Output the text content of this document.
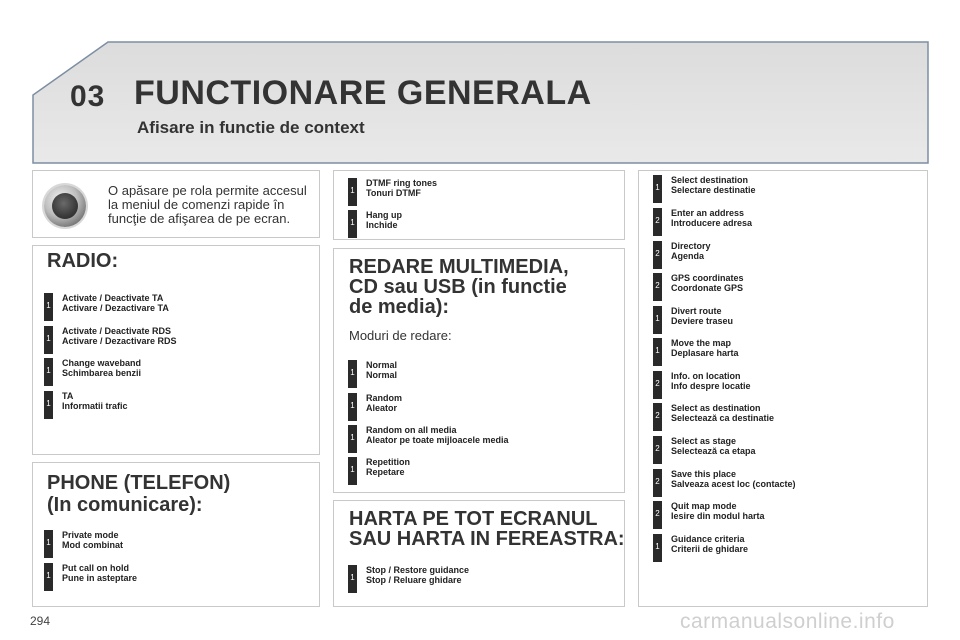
03 FUNCTIONARE GENERALA
Afisare in functie de context
O apăsare pe rola permite accesul
la meniul de comenzi rapide în
funcţie de afişarea de pe ecran.
RADIO:
1
Activate / Deactivate TA
Activare / Dezactivare TA
1
Activate / Deactivate RDS
Activare / Dezactivare RDS
1
Change waveband
Schimbarea benzii
1
TA
Informatii trafic
PHONE (TELEFON)
(In comunicare):
1
Private mode
Mod combinat
1
Put call on hold
Pune in asteptare
1
DTMF ring tones
Tonuri DTMF
1
Hang up
Inchide
REDARE MULTIMEDIA,
CD sau USB (in functie
de media):
Moduri de redare:
1
Normal
Normal
1
Random
Aleator
1
Random on all media
Aleator pe toate mijloacele media
1
Repetition
Repetare
HARTA PE TOT ECRANUL
SAU HARTA IN FEREASTRA:
1
Stop / Restore guidance
Stop / Reluare ghidare
1
Select destination
Selectare destinatie
2
Enter an address
Introducere adresa
2
Directory
Agenda
2
GPS coordinates
Coordonate GPS
1
Divert route
Deviere traseu
1
Move the map
Deplasare harta
2
Info. on location
Info despre locatie
2
Select as destination
Selectează ca destinatie
2
Select as stage
Selectează ca etapa
2
Save this place
Salveaza acest loc (contacte)
2
Quit map mode
Iesire din modul harta
1
Guidance criteria
Criterii de ghidare
294	carmanualsonline.info
